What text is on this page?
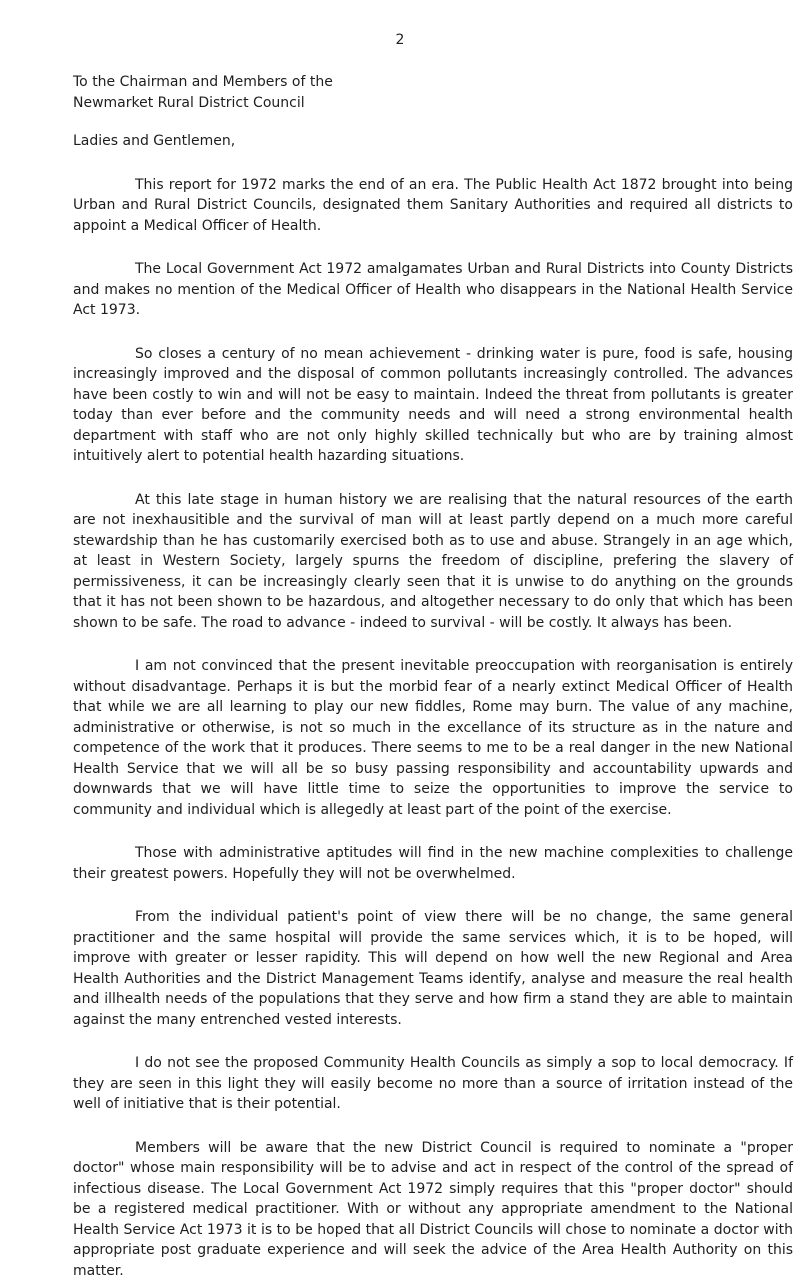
2

To the Chairman and Members of the

Newmarket Rural District Council

Ladies and Gentlemen,

This report for 1972 marks the end of an era. The Public Health Act 1872 brought into being Urban and Rural District Councils, designated them Sanitary Authorities and required all districts to appoint a Medical Officer of Health.

The Local Government Act 1972 amalgamates Urban and Rural Districts into County Districts and makes no mention of the Medical Officer of Health who disappears in the National Health Service Act 1973.

So closes a century of no mean achievement - drinking water is pure, food is safe, housing increasingly improved and the disposal of common pollutants increasingly controlled. The advances have been costly to win and will not be easy to maintain. Indeed the threat from pollutants is greater today than ever before and the community needs and will need a strong environmental health department with staff who are not only highly skilled technically but who are by training almost intuitively alert to potential health hazarding situations.

At this late stage in human history we are realising that the natural resources of the earth are not inexhausitible and the survival of man will at least partly depend on a much more careful stewardship than he has customarily exercised both as to use and abuse. Strangely in an age which, at least in Western Society, largely spurns the freedom of discipline, prefering the slavery of permissiveness, it can be increasingly clearly seen that it is unwise to do anything on the grounds that it has not been shown to be hazardous, and altogether necessary to do only that which has been shown to be safe. The road to advance - indeed to survival - will be costly. It always has been.

I am not convinced that the present inevitable preoccupation with reorganisation is entirely without disadvantage. Perhaps it is but the morbid fear of a nearly extinct Medical Officer of Health that while we are all learning to play our new fiddles, Rome may burn. The value of any machine, administrative or otherwise, is not so much in the excellance of its structure as in the nature and competence of the work that it produces. There seems to me to be a real danger in the new National Health Service that we will all be so busy passing responsibility and accountability upwards and downwards that we will have little time to seize the opportunities to improve the service to community and individual which is allegedly at least part of the point of the exercise.

Those with administrative aptitudes will find in the new machine complexities to challenge their greatest powers. Hopefully they will not be overwhelmed.

From the individual patient's point of view there will be no change, the same general practitioner and the same hospital will provide the same services which, it is to be hoped, will improve with greater or lesser rapidity. This will depend on how well the new Regional and Area Health Authorities and the District Management Teams identify, analyse and measure the real health and illhealth needs of the populations that they serve and how firm a stand they are able to maintain against the many entrenched vested interests.

I do not see the proposed Community Health Councils as simply a sop to local democracy. If they are seen in this light they will easily become no more than a source of irritation instead of the well of initiative that is their potential.

Members will be aware that the new District Council is required to nominate a "proper doctor" whose main responsibility will be to advise and act in respect of the control of the spread of infectious disease. The Local Government Act 1972 simply requires that this "proper doctor" should be a registered medical practitioner. With or without any appropriate amendment to the National Health Service Act 1973 it is to be hoped that all District Councils will chose to nominate a doctor with appropriate post graduate experience and will seek the advice of the Area Health Authority on this matter.
